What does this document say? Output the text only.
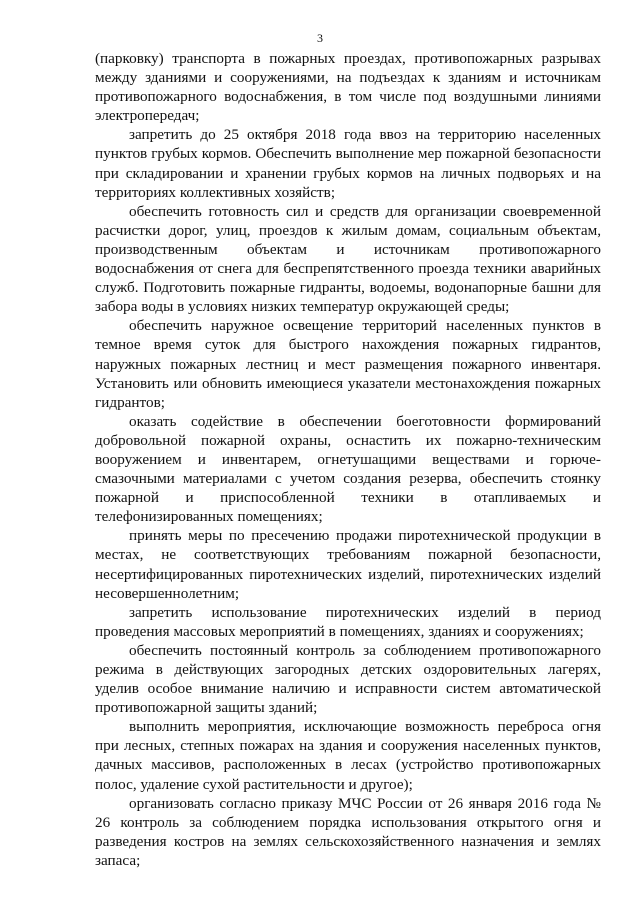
3

(парковку) транспорта в пожарных проездах, противопожарных разрывах между зданиями и сооружениями, на подъездах к зданиям и источникам противопожарного водоснабжения, в том числе под воздушными линиями электропередач;

запретить до 25 октября 2018 года ввоз на территорию населенных пунктов грубых кормов. Обеспечить выполнение мер пожарной безопасности при складировании и хранении грубых кормов на личных подворьях и на территориях коллективных хозяйств;

обеспечить готовность сил и средств для организации своевременной расчистки дорог, улиц, проездов к жилым домам, социальным объектам, производственным объектам и источникам противопожарного водоснабжения от снега для беспрепятственного проезда техники аварийных служб. Подготовить пожарные гидранты, водоемы, водонапорные башни для забора воды в условиях низких температур окружающей среды;

обеспечить наружное освещение территорий населенных пунктов в темное время суток для быстрого нахождения пожарных гидрантов, наружных пожарных лестниц и мест размещения пожарного инвентаря. Установить или обновить имеющиеся указатели местонахождения пожарных гидрантов;

оказать содействие в обеспечении боеготовности формирований добровольной пожарной охраны, оснастить их пожарно-техническим вооружением и инвентарем, огнетушащими веществами и горюче-смазочными материалами с учетом создания резерва, обеспечить стоянку пожарной и приспособленной техники в отапливаемых и телефонизированных помещениях;

принять меры по пресечению продажи пиротехнической продукции в местах, не соответствующих требованиям пожарной безопасности, несертифицированных пиротехнических изделий, пиротехнических изделий несовершеннолетним;

запретить использование пиротехнических изделий в период проведения массовых мероприятий в помещениях, зданиях и сооружениях;

обеспечить постоянный контроль за соблюдением противопожарного режима в действующих загородных детских оздоровительных лагерях, уделив особое внимание наличию и исправности систем автоматической противопожарной защиты зданий;

выполнить мероприятия, исключающие возможность переброса огня при лесных, степных пожарах на здания и сооружения населенных пунктов, дачных массивов, расположенных в лесах (устройство противопожарных полос, удаление сухой растительности и другое);

организовать согласно приказу МЧС России от 26 января 2016 года № 26 контроль за соблюдением порядка использования открытого огня и разведения костров на землях сельскохозяйственного назначения и землях запаса;
